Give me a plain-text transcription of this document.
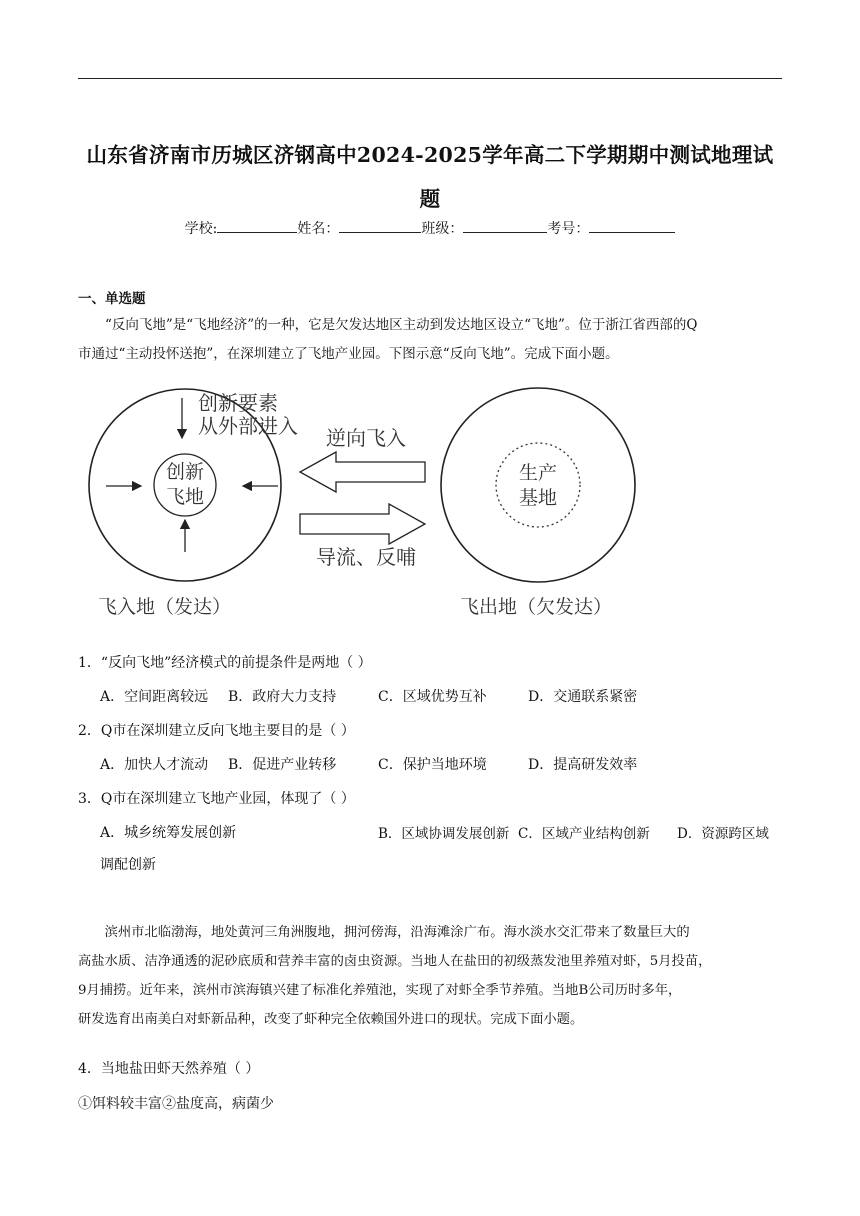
山东省济南市历城区济钢高中2024-2025学年高二下学期期中测试地理试
题
学校:	姓名：	班级：	考号：
一、单选题
“反向飞地”是“飞地经济”的一种，它是欠发达地区主动到发达地区设立“飞地”。位于浙江省西部的Q
市通过“主动投怀送抱”，在深圳建立了飞地产业园。下图示意“反向飞地”。完成下面小题。
创新要素
从外部进入
创新
飞地
逆向飞入
导流、反哺
生产
基地
飞入地（发达）	飞出地（欠发达）
1．“反向飞地”经济模式的前提条件是两地（ ）
A．空间距离较远 B．政府大力支持	C．区域优势互补	D．交通联系紧密
2．Q市在深圳建立反向飞地主要目的是（ ）
A．加快人才流动 B．促进产业转移	C．保护当地环境	D．提高研发效率
3．Q市在深圳建立飞地产业园，体现了（ ）
A．城乡统筹发展创新	B．区域协调发展创新 C．区域产业结构创新 D．资源跨区域
调配创新
滨州市北临渤海，地处黄河三角洲腹地，拥河傍海，沿海滩涂广布。海水淡水交汇带来了数量巨大的
高盐水质、洁净通透的泥砂底质和营养丰富的卤虫资源。当地人在盐田的初级蒸发池里养殖对虾，5月投苗，
9月捕捞。近年来，滨州市滨海镇兴建了标准化养殖池，实现了对虾全季节养殖。当地B公司历时多年，
研发选育出南美白对虾新品种，改变了虾种完全依赖国外进口的现状。完成下面小题。
4．当地盐田虾天然养殖（ ）
①饵料较丰富②盐度高，病菌少
